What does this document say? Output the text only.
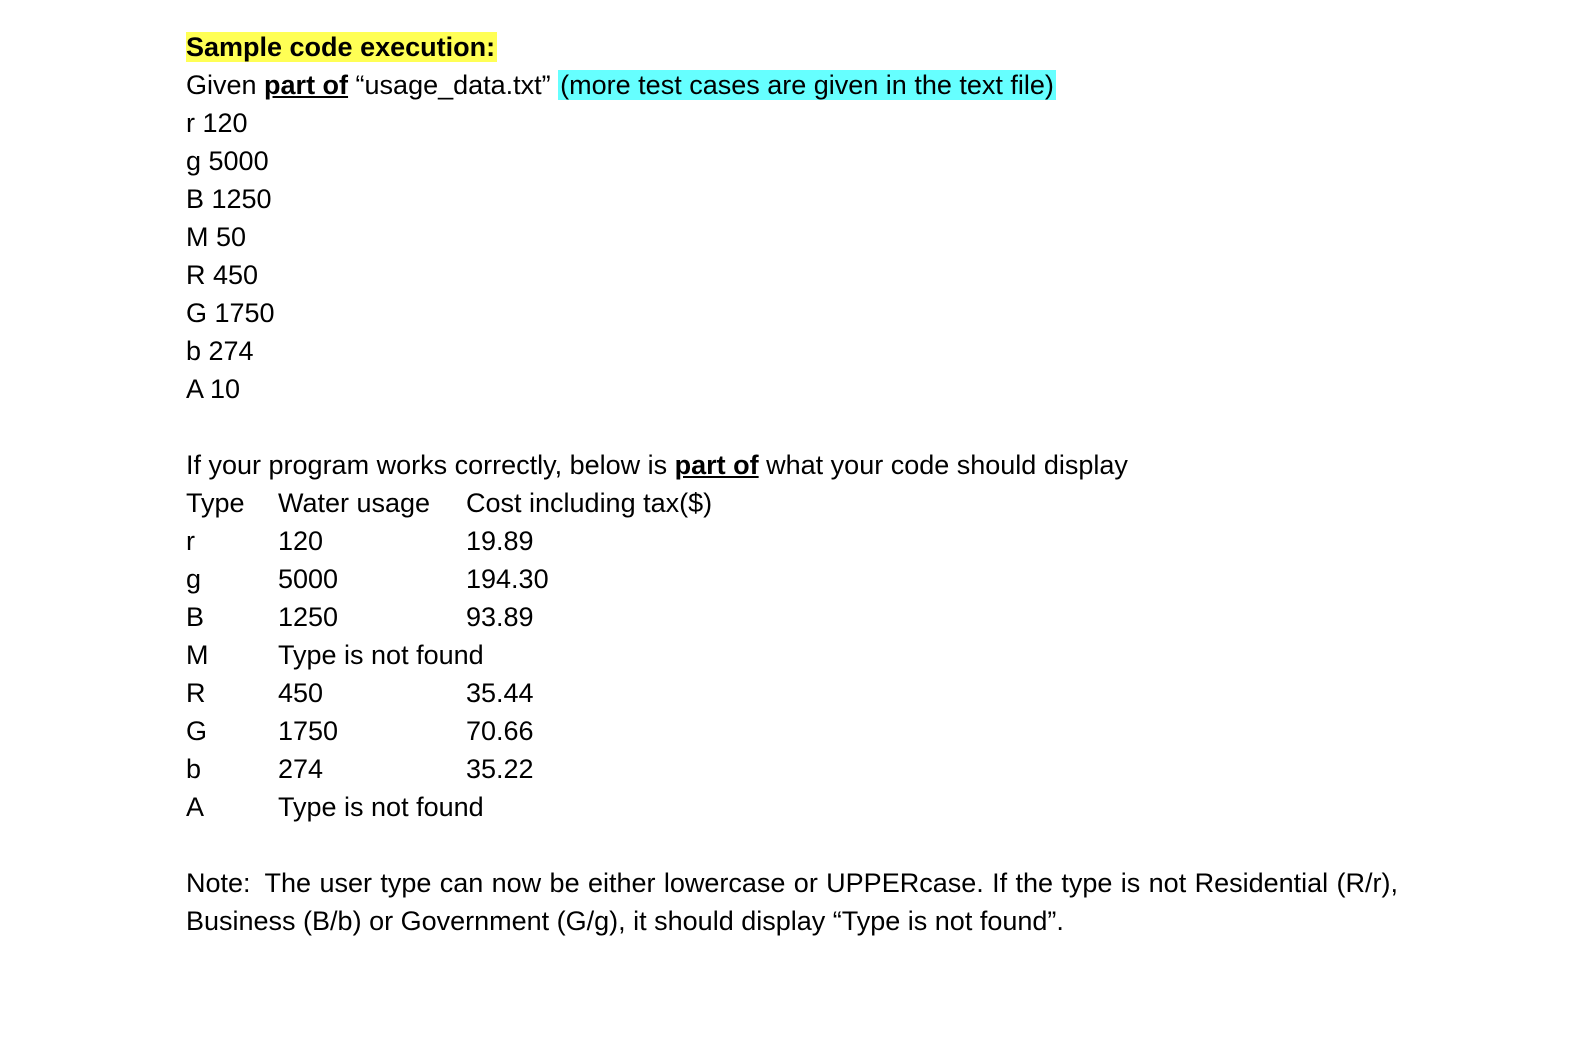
Sample code execution:
Given part of “usage_data.txt” (more test cases are given in the text file)
r 120
g 5000
B 1250
M 50
R 450
G 1750
b 274
A 10
If your program works correctly, below is part of what your code should display
Type Water usage Cost including tax($)
r	120	19.89
g	5000	194.30
B	1250	93.89
M	Type is not found
R	450	35.44
G	1750	70.66
b	274	35.22
A	Type is not found
Note: The user type can now be either lowercase or UPPERcase. If the type is not Residential (R/r), Business (B/b) or Government (G/g), it should display “Type is not found”.
